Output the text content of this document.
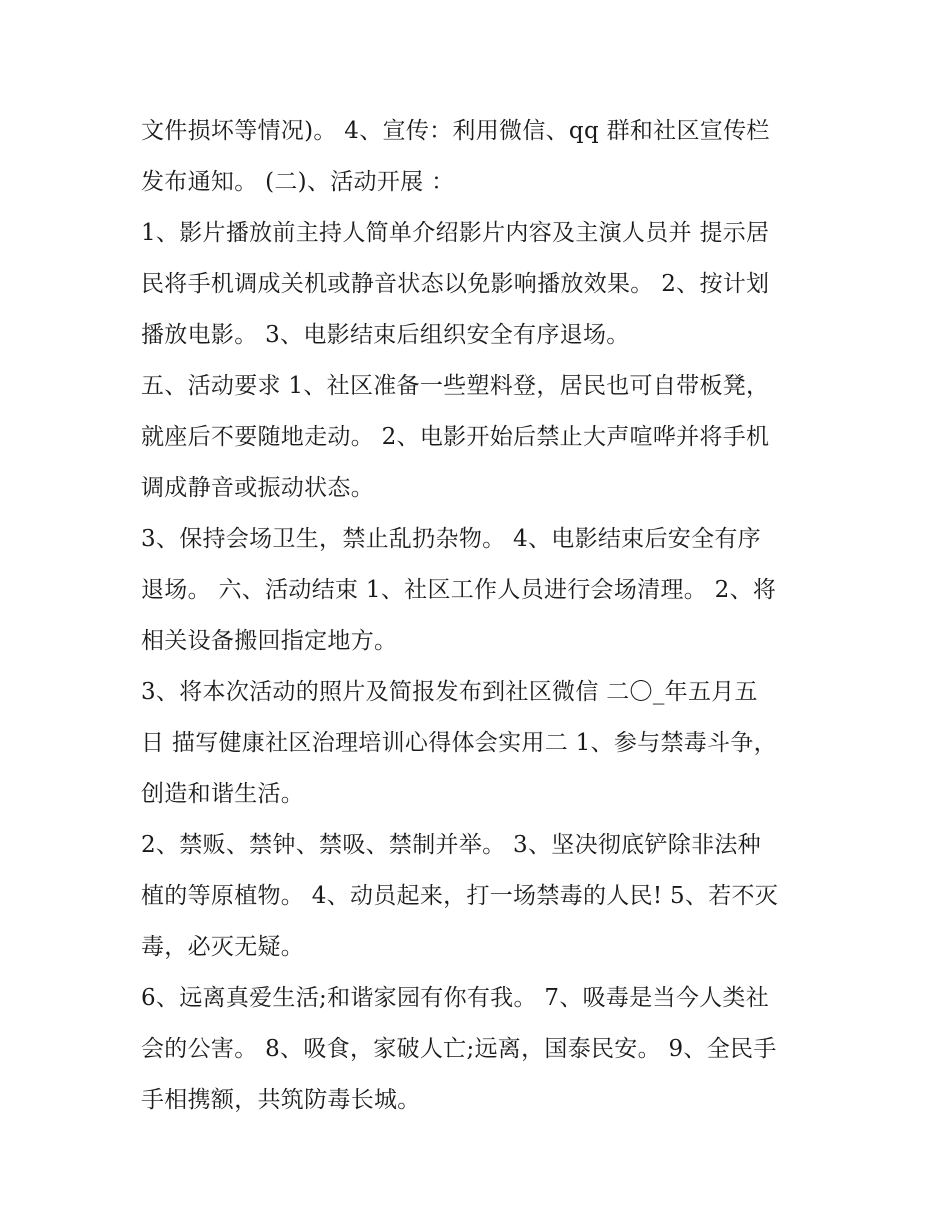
文件损坏等情况)。 4、宣传：利用微信、qq 群和社区宣传栏
发布通知。 (二)、活动开展 ：
1、影片播放前主持人简单介绍影片内容及主演人员并 提示居
民将手机调成关机或静音状态以免影响播放效果。 2、按计划
播放电影。 3、电影结束后组织安全有序退场。
五、活动要求 1、社区准备一些塑料登，居民也可自带板凳，
就座后不要随地走动。 2、电影开始后禁止大声喧哗并将手机
调成静音或振动状态。
3、保持会场卫生，禁止乱扔杂物。 4、电影结束后安全有序
退场。 六、活动结束 1、社区工作人员进行会场清理。 2、将
相关设备搬回指定地方。
3、将本次活动的照片及简报发布到社区微信 二〇_年五月五
日 描写健康社区治理培训心得体会实用二 1、参与禁毒斗争，
创造和谐生活。
2、禁贩、禁钟、禁吸、禁制并举。 3、坚决彻底铲除非法种
植的等原植物。 4、动员起来，打一场禁毒的人民! 5、若不灭
毒，必灭无疑。
6、远离真爱生活;和谐家园有你有我。 7、吸毒是当今人类社
会的公害。 8、吸食，家破人亡;远离，国泰民安。 9、全民手
手相携额，共筑防毒长城。
